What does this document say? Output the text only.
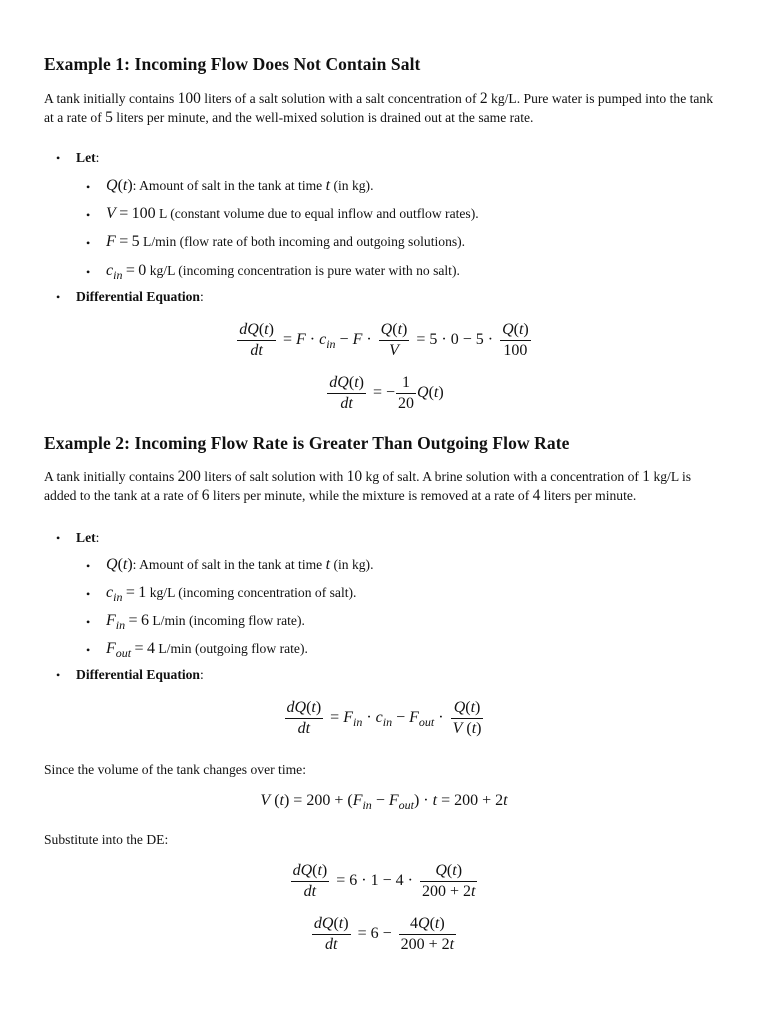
Example 1: Incoming Flow Does Not Contain Salt

A tank initially contains 100 liters of a salt solution with a salt concentration of 2 kg/L. Pure water is pumped into the tank at a rate of 5 liters per minute, and the well-mixed solution is drained out at the same rate.

• Let:

• Q(t): Amount of salt in the tank at time t (in kg).

• V = 100 L (constant volume due to equal inflow and outflow rates).

• F = 5 L/min (flow rate of both incoming and outgoing solutions).

• cin = 0 kg/L (incoming concentration is pure water with no salt).

• Differential Equation:

$\frac{dQ(t)}{dt} = F \cdot c_{in} - F \cdot \frac{Q(t)}{V} = 5 \cdot 0 - 5 \cdot \frac{Q(t)}{100}$
$\frac{dQ(t)}{dt}$ = − $\frac{1}{20} Q(t)$
Example 2: Incoming Flow Rate is Greater Than Outgoing Flow Rate

A tank initially contains 200 liters of salt solution with 10 kg of salt. A brine solution with a concentration of 1 kg/L is added to the tank at a rate of 6 liters per minute, while the mixture is removed at a rate of 4 liters per minute.

• Let:

• Q(t): Amount of salt in the tank at time t (in kg).

• cin = 1 kg/L (incoming concentration of salt).

• Fin = 6 L/min (incoming flow rate).

• Fout = 4 L/min (outgoing flow rate).

• Differential Equation:

$\frac{dQ(t)}{dt} = F_{in} \cdot c_{in} - F_{out} \cdot \frac{Q(t)}{V (t)}$

Since the volume of the tank changes over time:

V $(t) = 200 + (F_{in} - F_{out}) \cdot t = 200 + 2t$

Substitute into the DE:

$\frac{dQ(t)}{dt} = 6 \cdot 1 - 4 \cdot \frac{Q(t)}{200 + 2t}$
$\frac{dQ(t)}{dt} = 6 - \frac{4Q(t)}{200 + 2t}$
